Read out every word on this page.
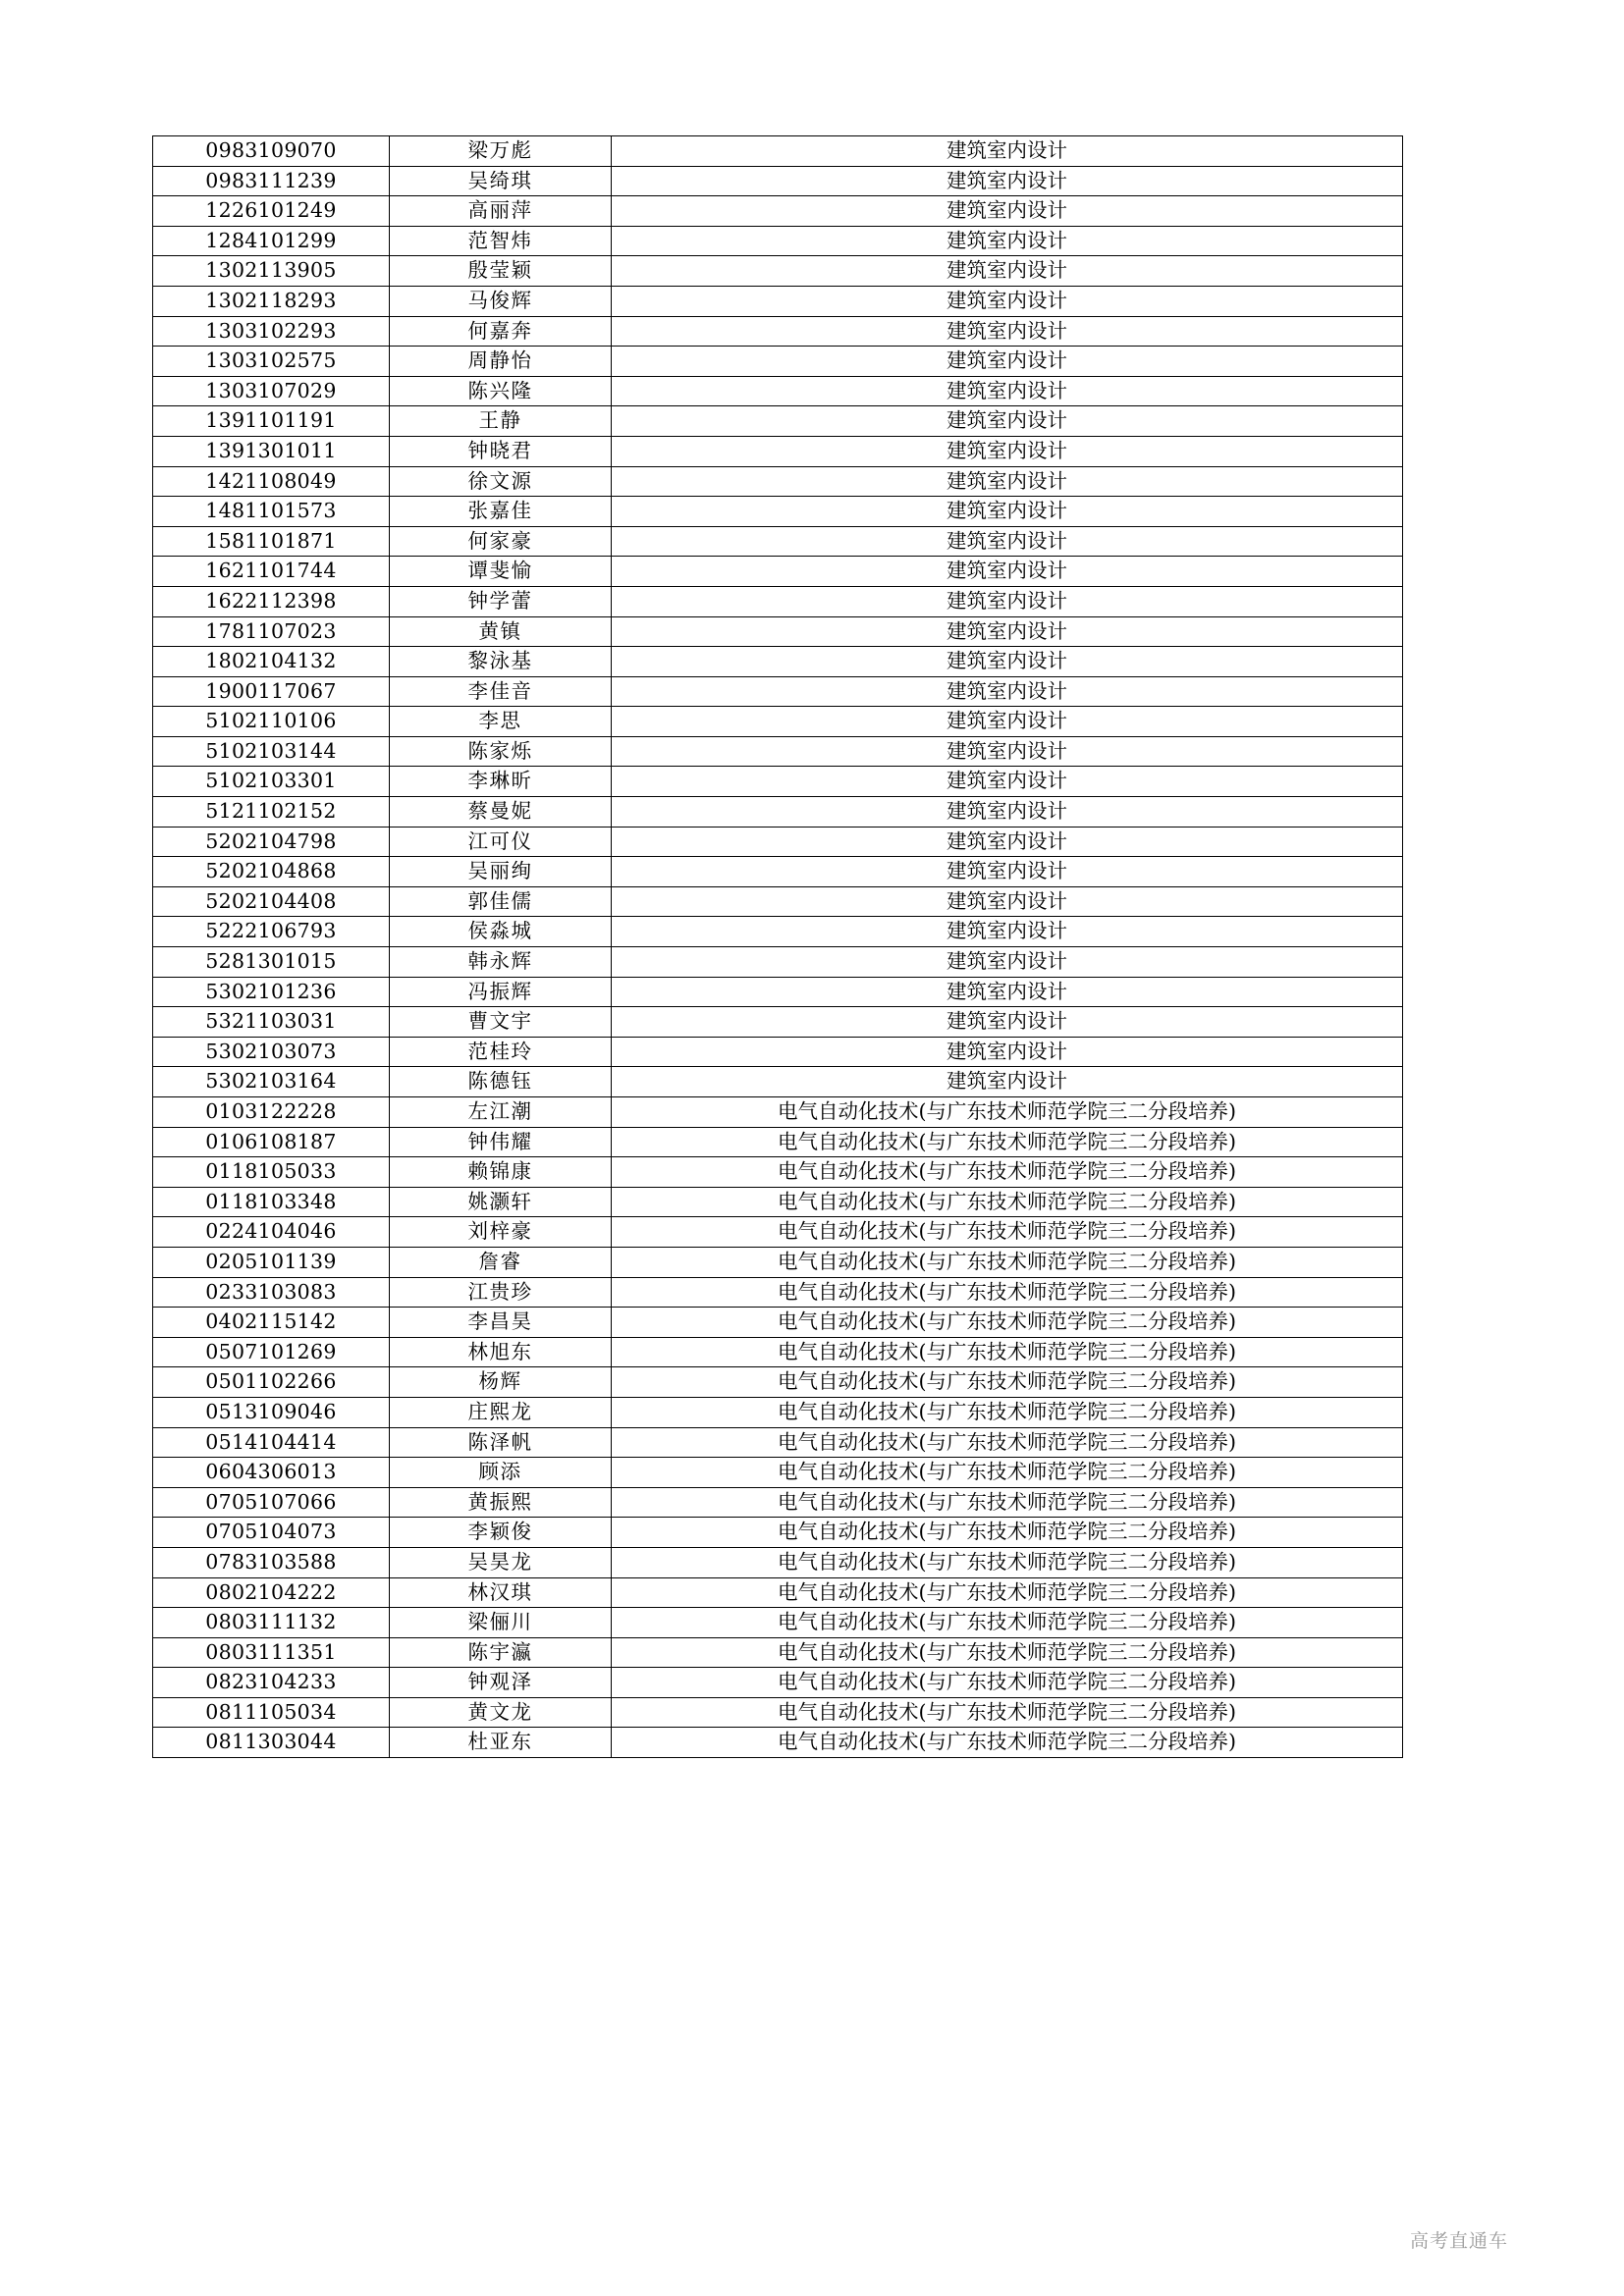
0983109070	梁万彪	建筑室内设计
0983111239	吴绮琪	建筑室内设计
1226101249	高丽萍	建筑室内设计
1284101299	范智炜	建筑室内设计
1302113905	殷莹颖	建筑室内设计
1302118293	马俊辉	建筑室内设计
1303102293	何嘉奔	建筑室内设计
1303102575	周静怡	建筑室内设计
1303107029	陈兴隆	建筑室内设计
1391101191	王静	建筑室内设计
1391301011	钟晓君	建筑室内设计
1421108049	徐文源	建筑室内设计
1481101573	张嘉佳	建筑室内设计
1581101871	何家豪	建筑室内设计
1621101744	谭斐愉	建筑室内设计
1622112398	钟学蕾	建筑室内设计
1781107023	黄镇	建筑室内设计
1802104132	黎泳基	建筑室内设计
1900117067	李佳音	建筑室内设计
5102110106	李思	建筑室内设计
5102103144	陈家烁	建筑室内设计
5102103301	李琳昕	建筑室内设计
5121102152	蔡曼妮	建筑室内设计
5202104798	江可仪	建筑室内设计
5202104868	吴丽绚	建筑室内设计
5202104408	郭佳儒	建筑室内设计
5222106793	侯淼城	建筑室内设计
5281301015	韩永辉	建筑室内设计
5302101236	冯振辉	建筑室内设计
5321103031	曹文宇	建筑室内设计
5302103073	范桂玲	建筑室内设计
5302103164	陈德钰	建筑室内设计
0103122228	左江潮	电气自动化技术(与广东技术师范学院三二分段培养)
0106108187	钟伟耀	电气自动化技术(与广东技术师范学院三二分段培养)
0118105033	赖锦康	电气自动化技术(与广东技术师范学院三二分段培养)
0118103348	姚灏轩	电气自动化技术(与广东技术师范学院三二分段培养)
0224104046	刘梓豪	电气自动化技术(与广东技术师范学院三二分段培养)
0205101139	詹睿	电气自动化技术(与广东技术师范学院三二分段培养)
0233103083	江贵珍	电气自动化技术(与广东技术师范学院三二分段培养)
0402115142	李昌昊	电气自动化技术(与广东技术师范学院三二分段培养)
0507101269	林旭东	电气自动化技术(与广东技术师范学院三二分段培养)
0501102266	杨辉	电气自动化技术(与广东技术师范学院三二分段培养)
0513109046	庄熙龙	电气自动化技术(与广东技术师范学院三二分段培养)
0514104414	陈泽帆	电气自动化技术(与广东技术师范学院三二分段培养)
0604306013	顾添	电气自动化技术(与广东技术师范学院三二分段培养)
0705107066	黄振熙	电气自动化技术(与广东技术师范学院三二分段培养)
0705104073	李颖俊	电气自动化技术(与广东技术师范学院三二分段培养)
0783103588	吴昊龙	电气自动化技术(与广东技术师范学院三二分段培养)
0802104222	林汉琪	电气自动化技术(与广东技术师范学院三二分段培养)
0803111132	梁俪川	电气自动化技术(与广东技术师范学院三二分段培养)
0803111351	陈宇瀛	电气自动化技术(与广东技术师范学院三二分段培养)
0823104233	钟观泽	电气自动化技术(与广东技术师范学院三二分段培养)
0811105034	黄文龙	电气自动化技术(与广东技术师范学院三二分段培养)
0811303044	杜亚东	电气自动化技术(与广东技术师范学院三二分段培养)
高考直通车
